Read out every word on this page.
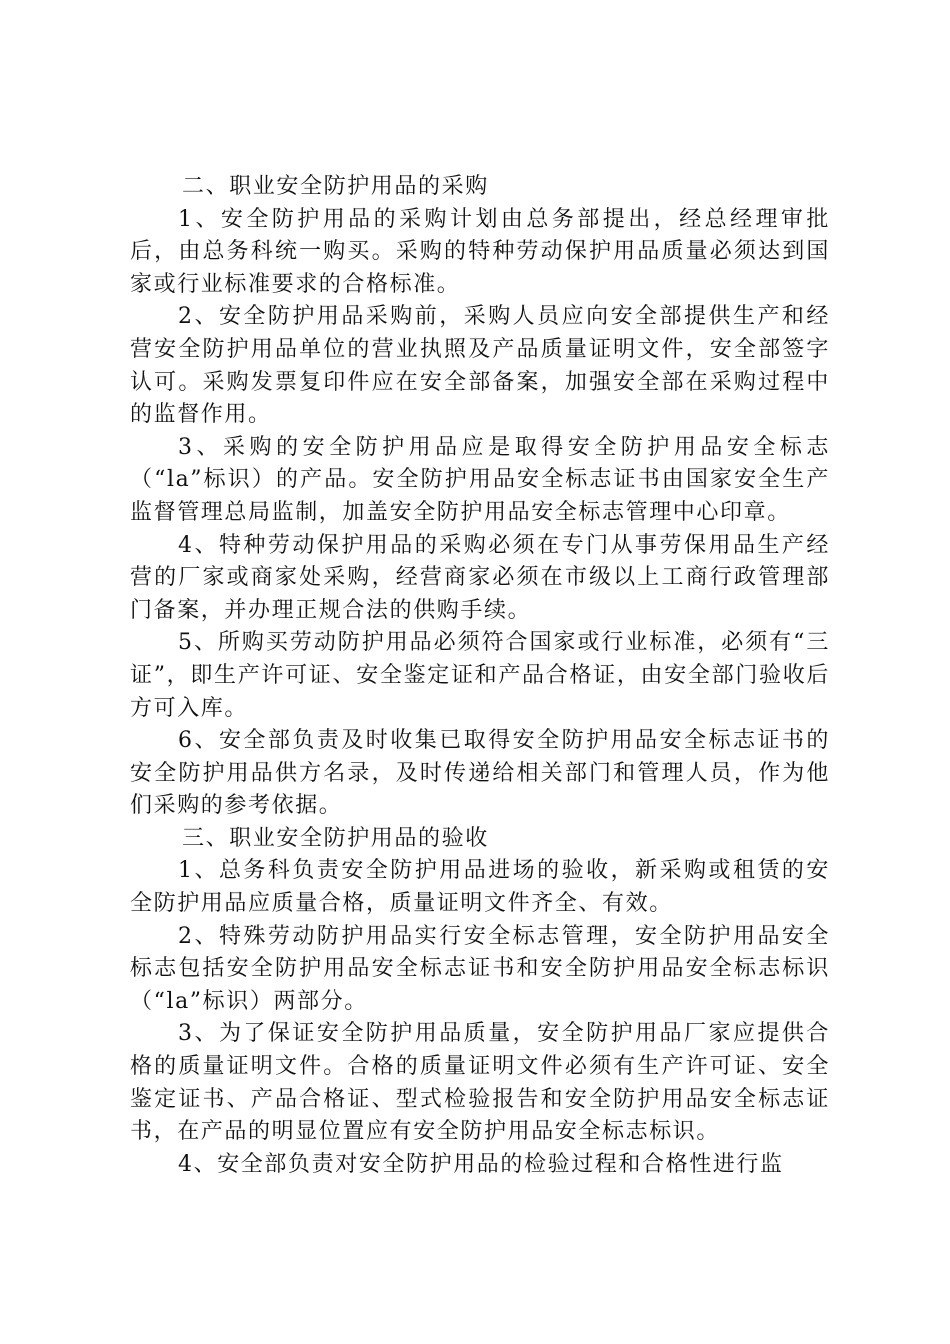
二、职业安全防护用品的采购

1、安全防护用品的采购计划由总务部提出，经总经理审批后，由总务科统一购买。采购的特种劳动保护用品质量必须达到国家或行业标准要求的合格标准。

2、安全防护用品采购前，采购人员应向安全部提供生产和经营安全防护用品单位的营业执照及产品质量证明文件，安全部签字认可。采购发票复印件应在安全部备案，加强安全部在采购过程中的监督作用。

3、采购的安全防护用品应是取得安全防护用品安全标志（“la”标识）的产品。安全防护用品安全标志证书由国家安全生产监督管理总局监制，加盖安全防护用品安全标志管理中心印章。

4、特种劳动保护用品的采购必须在专门从事劳保用品生产经营的厂家或商家处采购，经营商家必须在市级以上工商行政管理部门备案，并办理正规合法的供购手续。

5、所购买劳动防护用品必须符合国家或行业标准，必须有“三证”，即生产许可证、安全鉴定证和产品合格证，由安全部门验收后方可入库。

6、安全部负责及时收集已取得安全防护用品安全标志证书的安全防护用品供方名录，及时传递给相关部门和管理人员，作为他们采购的参考依据。

三、职业安全防护用品的验收

1、总务科负责安全防护用品进场的验收，新采购或租赁的安全防护用品应质量合格，质量证明文件齐全、有效。

2、特殊劳动防护用品实行安全标志管理，安全防护用品安全标志包括安全防护用品安全标志证书和安全防护用品安全标志标识（“la”标识）两部分。

3、为了保证安全防护用品质量，安全防护用品厂家应提供合格的质量证明文件。合格的质量证明文件必须有生产许可证、安全鉴定证书、产品合格证、型式检验报告和安全防护用品安全标志证书，在产品的明显位置应有安全防护用品安全标志标识。

4、安全部负责对安全防护用品的检验过程和合格性进行监
